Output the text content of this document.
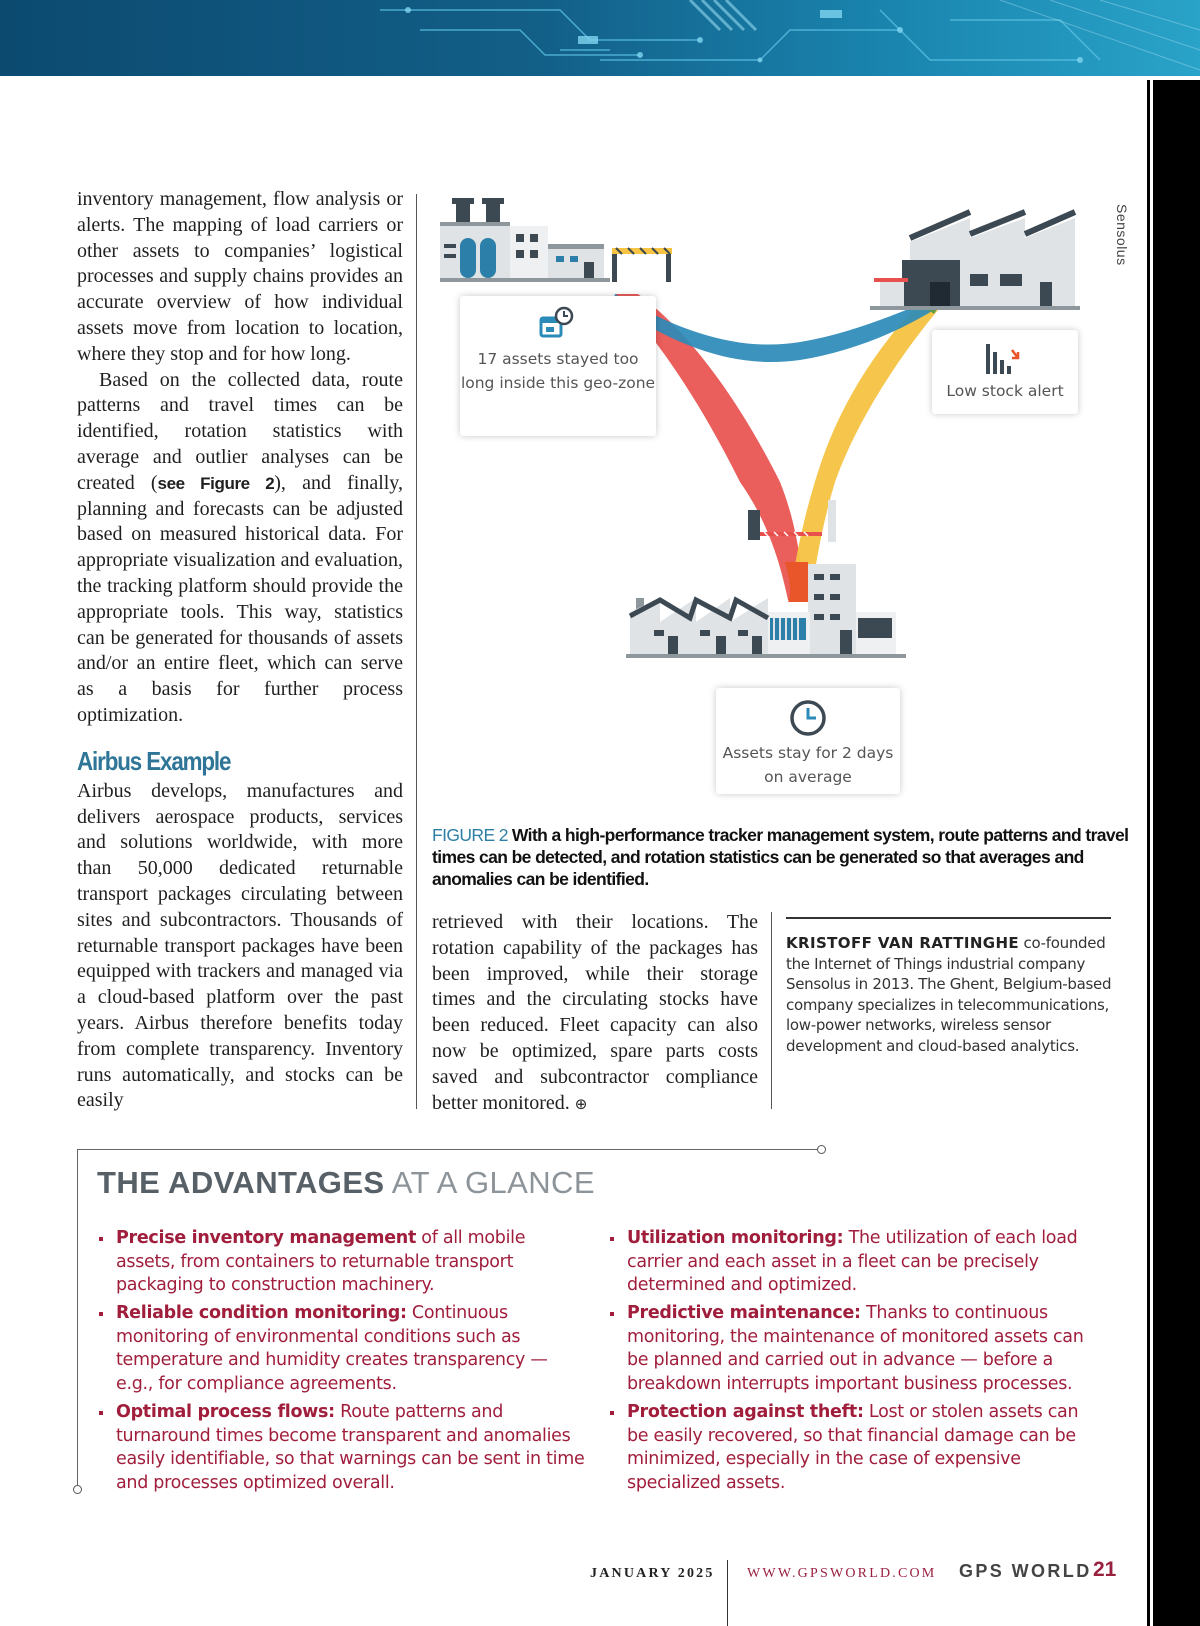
Sensolus

inventory management, flow analysis or alerts. The mapping of load carriers or other assets to companies’ logistical processes and supply chains provides an accurate overview of how individual assets move from location to location, where they stop and for how long.

Based on the collected data, route patterns and travel times can be identified, rotation statistics with average and outlier analyses can be created (see Figure 2), and finally, planning and forecasts can be adjusted based on measured historical data. For appropriate visualization and evaluation, the tracking platform should provide the appropriate tools. This way, statistics can be generated for thousands of assets and/or an entire fleet, which can serve as a basis for further process optimization.

Airbus Example

Airbus develops, manufactures and delivers aerospace products, services and solutions worldwide, with more than 50,000 dedicated returnable transport packages circulating between sites and subcontractors. Thousands of returnable transport packages have been equipped with trackers and managed via a cloud-based platform over the past years. Airbus therefore benefits today from complete transparency. Inventory runs automatically, and stocks can be easily

17 assets stayed too long inside this geo-zone	Low stock alert
Assets stay for 2 days on average
FIGURE 2 With a high-performance tracker management system, route patterns and travel times can be detected, and rotation statistics can be generated so that averages and anomalies can be identified.

retrieved with their locations. The rotation capability of the packages has been improved, while their storage times and the circulating stocks have been reduced. Fleet capacity can also now be optimized, spare parts costs saved and subcontractor compliance better monitored. ⊕

KRISTOFF VAN RATTINGHE co-founded the Internet of Things industrial company Sensolus in 2013. The Ghent, Belgium-based company specializes in telecommunications, low-power networks, wireless sensor development and cloud-based analytics.
THE ADVANTAGES AT A GLANCE
Precise inventory management of all mobile assets, from containers to returnable transport packaging to construction machinery.
Reliable condition monitoring: Continuous monitoring of environmental conditions such as temperature and humidity creates transparency — e.g., for compliance agreements.
Optimal process flows: Route patterns and turnaround times become transparent and anomalies easily identifiable, so that warnings can be sent in time and processes optimized overall.
Utilization monitoring: The utilization of each load carrier and each asset in a fleet can be precisely determined and optimized.
Predictive maintenance: Thanks to continuous monitoring, the maintenance of monitored assets can be planned and carried out in advance — before a breakdown interrupts important business processes.
Protection against theft: Lost or stolen assets can be easily recovered, so that financial damage can be minimized, especially in the case of expensive specialized assets.
JANUARY 2025 WWW.GPSWORLD.COM GPS WORLD 21
